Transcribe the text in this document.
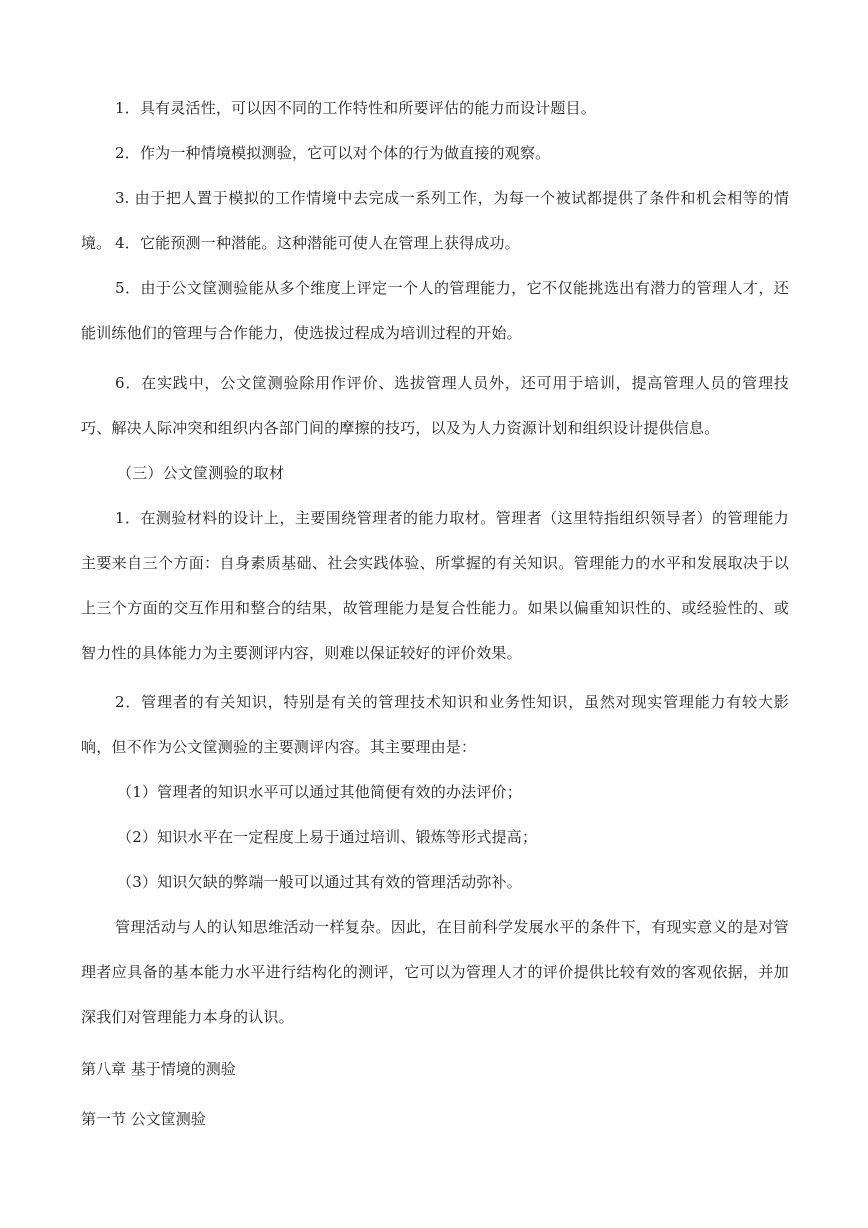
1．具有灵活性，可以因不同的工作特性和所要评估的能力而设计题目。

2．作为一种情境模拟测验，它可以对个体的行为做直接的观察。

3. 由于把人置于模拟的工作情境中去完成一系列工作，为每一个被试都提供了条件和机会相等的情境。 4．它能预测一种潜能。这种潜能可使人在管理上获得成功。

5．由于公文筐测验能从多个维度上评定一个人的管理能力，它不仅能挑选出有潜力的管理人才，还能训练他们的管理与合作能力，使选拔过程成为培训过程的开始。

6．在实践中，公文筐测验除用作评价、选拔管理人员外，还可用于培训，提高管理人员的管理技巧、解决人际冲突和组织内各部门间的摩擦的技巧，以及为人力资源计划和组织设计提供信息。

（三）公文筐测验的取材

1．在测验材料的设计上，主要围绕管理者的能力取材。管理者（这里特指组织领导者）的管理能力主要来自三个方面：自身素质基础、社会实践体验、所掌握的有关知识。管理能力的水平和发展取决于以上三个方面的交互作用和整合的结果，故管理能力是复合性能力。如果以偏重知识性的、或经验性的、或智力性的具体能力为主要测评内容，则难以保证较好的评价效果。

2．管理者的有关知识，特别是有关的管理技术知识和业务性知识，虽然对现实管理能力有较大影响，但不作为公文筐测验的主要测评内容。其主要理由是：

（1）管理者的知识水平可以通过其他简便有效的办法评价；

（2）知识水平在一定程度上易于通过培训、锻炼等形式提高；

（3）知识欠缺的弊端一般可以通过其有效的管理活动弥补。

管理活动与人的认知思维活动一样复杂。因此，在目前科学发展水平的条件下，有现实意义的是对管理者应具备的基本能力水平进行结构化的测评，它可以为管理人才的评价提供比较有效的客观依据，并加深我们对管理能力本身的认识。

第八章 基于情境的测验

第一节 公文筐测验
